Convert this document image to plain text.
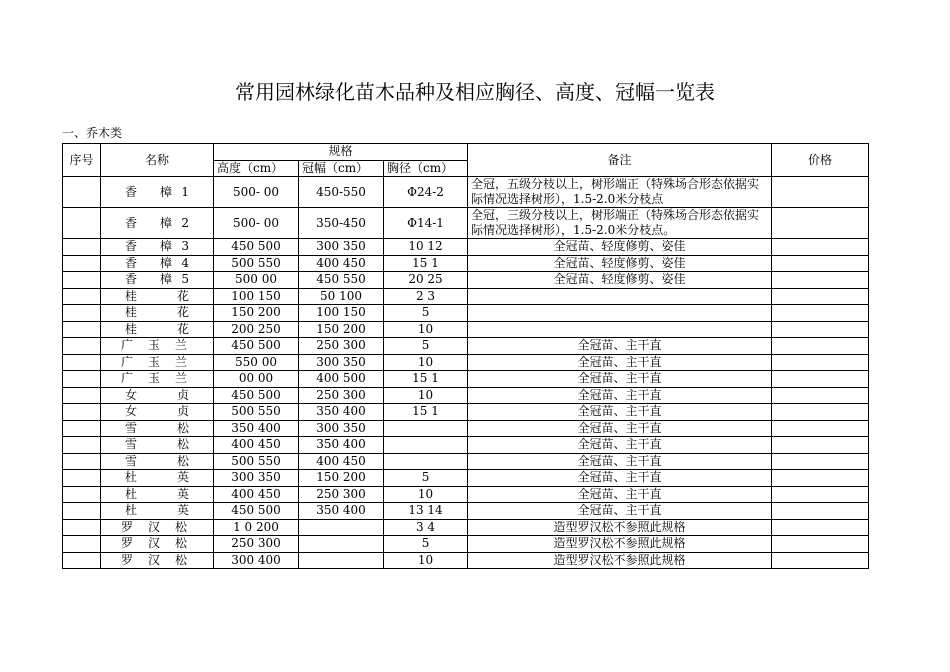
常用园林绿化苗木品种及相应胸径、高度、冠幅一览表
一、乔木类
序号	名称	规格			备注	价格
		高度（cm）	冠幅（cm）	胸径（cm）		
	香 樟1	500- 00	450-550	Φ24-2	全冠，五级分枝以上，树形端正（特殊场合形态依据实际情况选择树形），1.5-2.0米分枝点	
	香 樟2	500- 00	350-450	Φ14-1	全冠，三级分枝以上，树形端正（特殊场合形态依据实际情况选择树形），1.5-2.0米分枝点。	
	香 樟3	450 500	300 350	10 12	全冠苗、轻度修剪、姿佳	
	香 樟4	500 550	400 450	15 1	全冠苗、轻度修剪、姿佳	
	香 樟5	500 00	450 550	20 25	全冠苗、轻度修剪、姿佳	
	桂 花	100 150	50 100	2 3		
	桂 花	150 200	100 150	5		
	桂 花	200 250	150 200	10		
	广 玉 兰	450 500	250 300	5	全冠苗、主干直	
	广 玉 兰	550 00	300 350	10	全冠苗、主干直	
	广 玉 兰	00 00	400 500	15 1	全冠苗、主干直	
	女 贞	450 500	250 300	10	全冠苗、主干直	
	女 贞	500 550	350 400	15 1	全冠苗、主干直	
	雪 松	350 400	300 350		全冠苗、主干直	
	雪 松	400 450	350 400		全冠苗、主干直	
	雪 松	500 550	400 450		全冠苗、主干直	
	杜 英	300 350	150 200	5	全冠苗、主干直	
	杜 英	400 450	250 300	10	全冠苗、主干直	
	杜 英	450 500	350 400	13 14	全冠苗、主干直	
	罗 汉 松	1 0 200		3 4	造型罗汉松不参照此规格	
	罗 汉 松	250 300		5	造型罗汉松不参照此规格	
	罗 汉 松	300 400		10	造型罗汉松不参照此规格	
